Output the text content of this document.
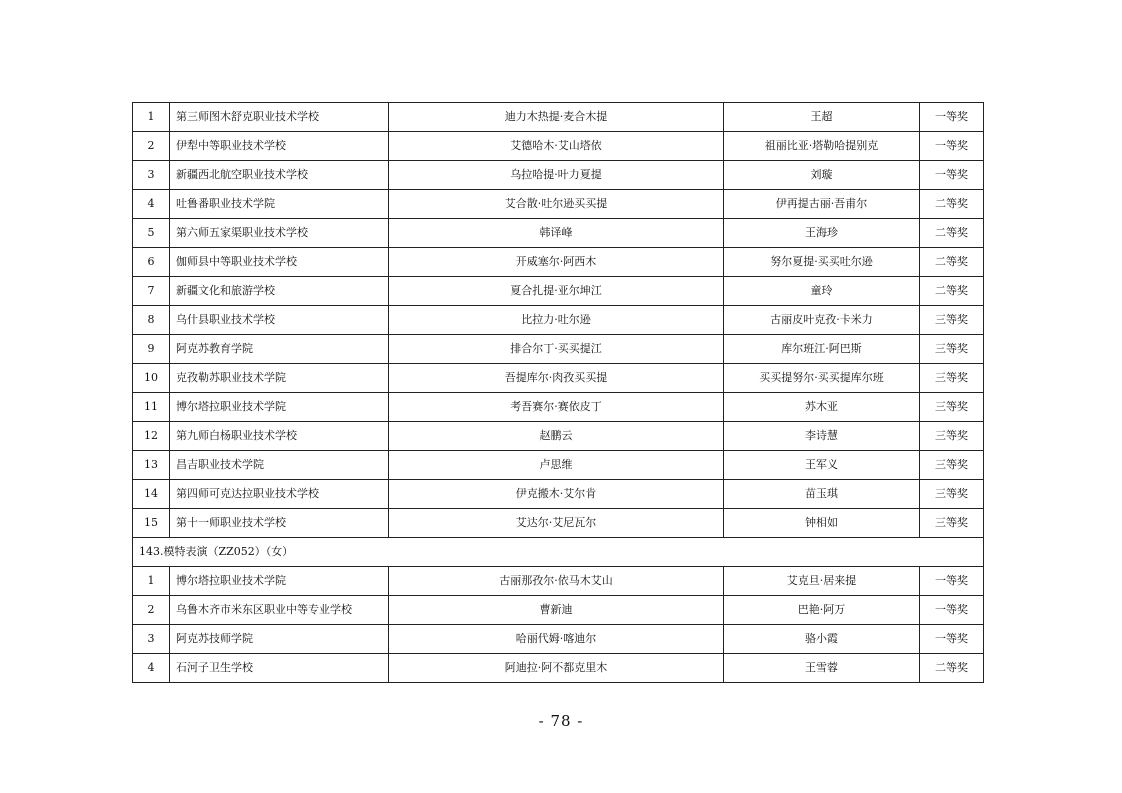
1	第三师图木舒克职业技术学校	迪力木热提·麦合木提	王超	一等奖
2	伊犁中等职业技术学校	艾德哈木·艾山塔依	祖丽比亚·塔勒哈提别克	一等奖
3	新疆西北航空职业技术学校	乌拉哈提·叶力夏提	刘璇	一等奖
4	吐鲁番职业技术学院	艾合散·吐尔逊买买提	伊再提古丽·吾甫尔	二等奖
5	第六师五家渠职业技术学校	韩译峰	王海珍	二等奖
6	伽师县中等职业技术学校	开威塞尔·阿西木	努尔夏提·买买吐尔逊	二等奖
7	新疆文化和旅游学校	夏合扎提·亚尔坤江	童玲	二等奖
8	乌什县职业技术学校	比拉力·吐尔逊	古丽皮叶克孜·卡米力	三等奖
9	阿克苏教育学院	排合尔丁·买买提江	库尔班江·阿巴斯	三等奖
10	克孜勒苏职业技术学院	吾提库尔·肉孜买买提	买买提努尔·买买提库尔班	三等奖
11	博尔塔拉职业技术学院	考吾赛尔·赛依皮丁	苏木亚	三等奖
12	第九师白杨职业技术学校	赵鹏云	李诗慧	三等奖
13	昌吉职业技术学院	卢思维	王军义	三等奖
14	第四师可克达拉职业技术学校	伊克搬木·艾尔肯	苗玉琪	三等奖
15	第十一师职业技术学校	艾达尔·艾尼瓦尔	钟相如	三等奖
143.模特表演（ZZ052）（女）				
1	博尔塔拉职业技术学院	古丽那孜尔·依马木艾山	艾克旦·居来提	一等奖
2	乌鲁木齐市米东区职业中等专业学校	曹新迪	巴艳·阿万	一等奖
3	阿克苏技师学院	哈丽代姆·喀迪尔	骆小霞	一等奖
4	石河子卫生学校	阿迪拉·阿不都克里木	王雪蓉	二等奖
- 78 -
